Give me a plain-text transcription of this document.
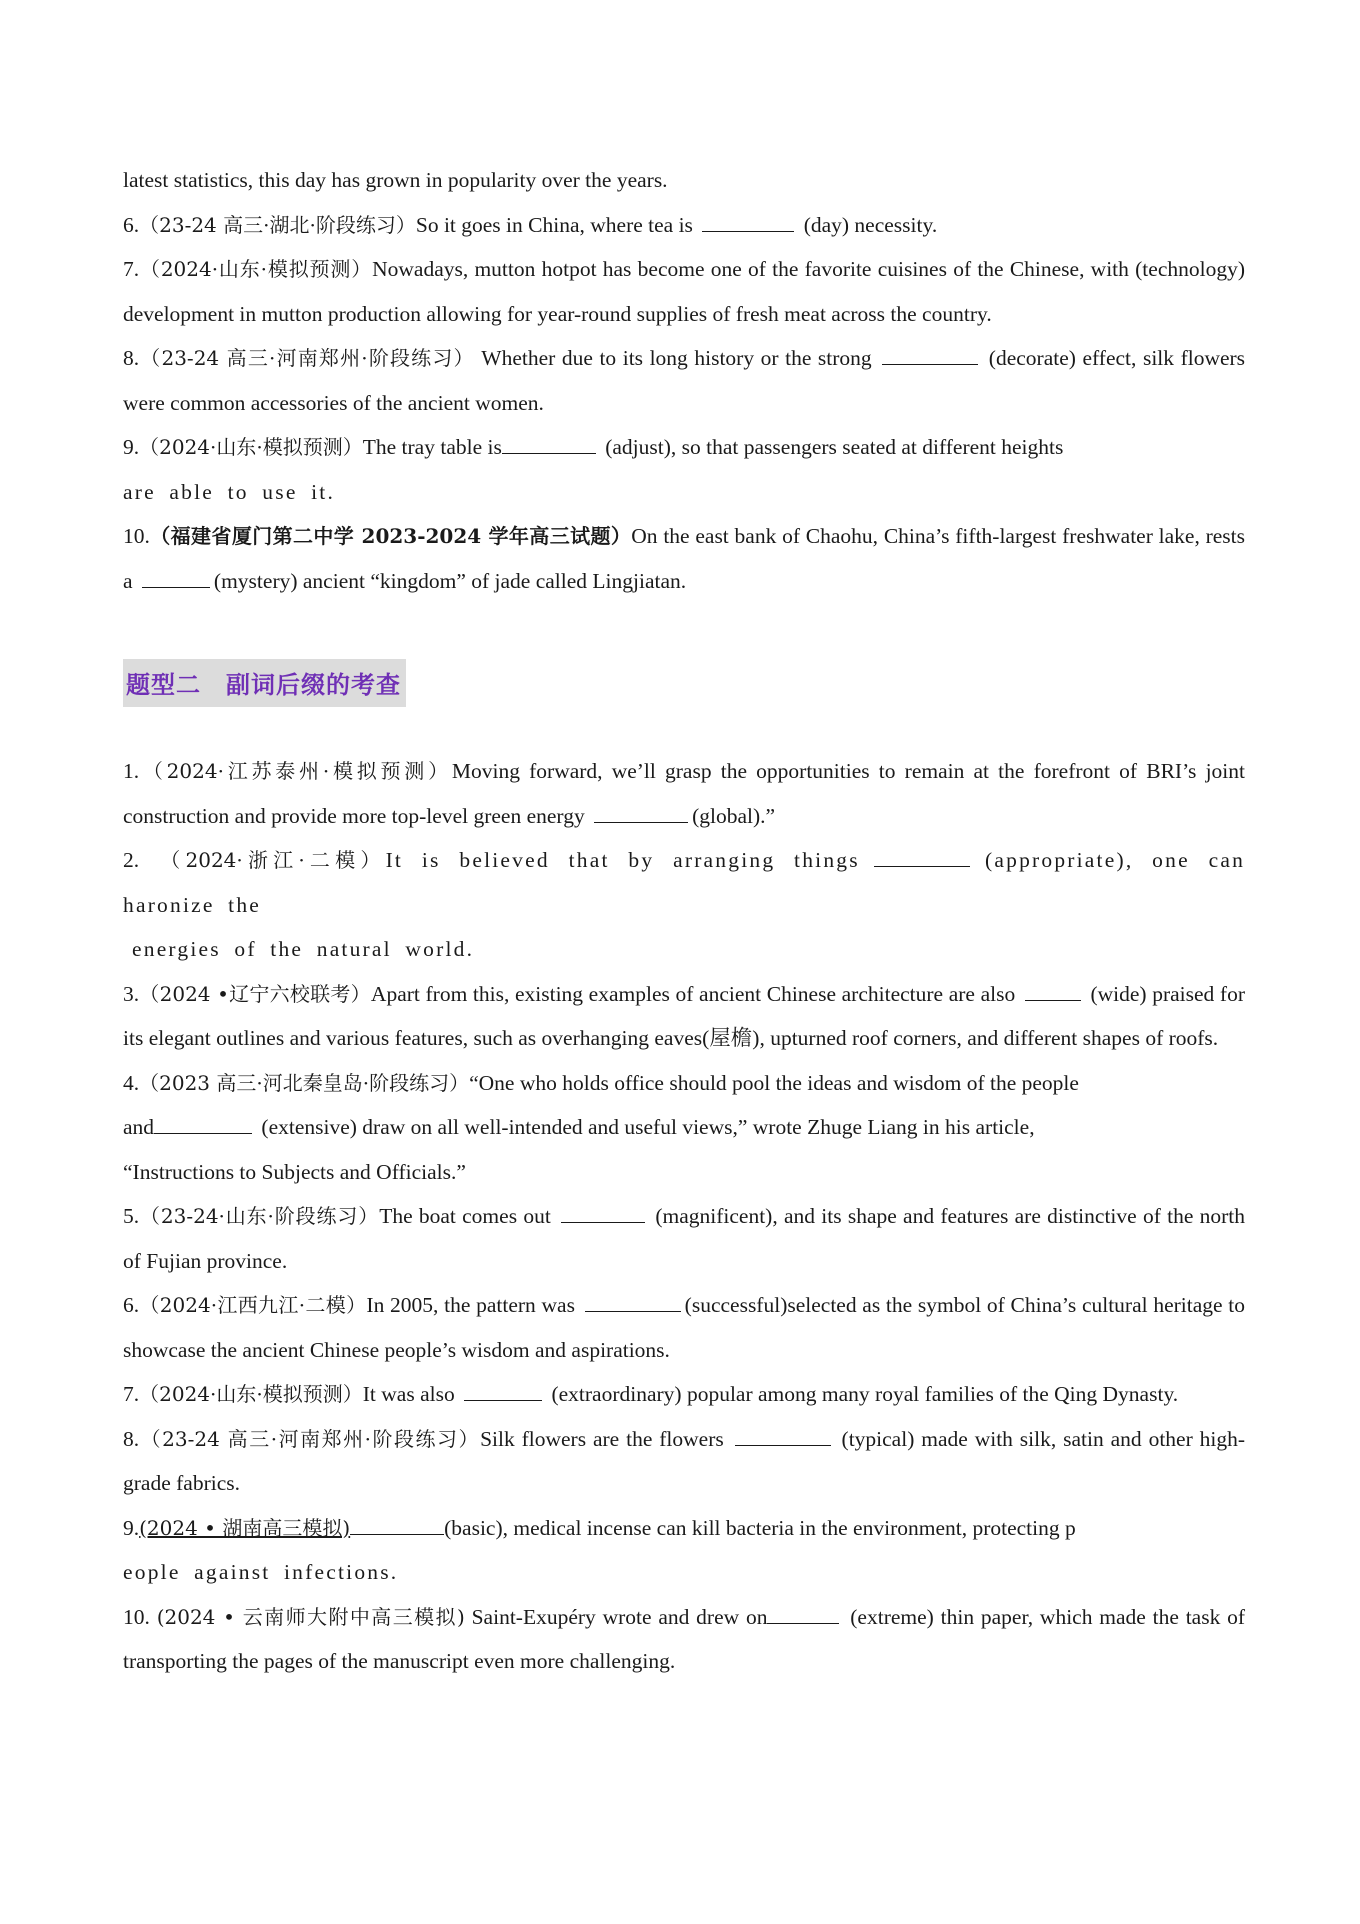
latest statistics, this day has grown in popularity over the years.

6.（23-24 高三·湖北·阶段练习）So it goes in China, where tea is	(day) necessity.

7.（2024·山东·模拟预测）Nowadays, mutton hotpot has become one of the favorite cuisines of the Chinese, with (technology) development in mutton production allowing for year-round supplies of fresh meat across the country.

8.（23-24 高三·河南郑州·阶段练习） Whether due to its long history or the strong	(decorate) effect, silk flowers were common accessories of the ancient women.

9.（2024·山东·模拟预测）The tray table is	(adjust), so that passengers seated at different heights
are able to use it.

10.（福建省厦门第二中学 2023-2024 学年高三试题）On the east bank of Chaohu, China’s fifth-largest freshwater lake, rests a	(mystery) ancient “kingdom” of jade called Lingjiatan.

题型二　副词后缀的考查

1.（2024·江苏泰州·模拟预测）Moving forward, we’ll grasp the opportunities to remain at the forefront of BRI’s joint construction and provide more top-level green energy	(global).”

2. （2024·浙江·二模）It is believed that by arranging things	(appropriate), one can haronize the
energies of the natural world.

3.（2024 •辽宁六校联考）Apart from this, existing examples of ancient Chinese architecture are also	(wide) praised for its elegant outlines and various features, such as overhanging eaves(屋檐), upturned roof corners, and different shapes of roofs.

4.（2023 高三·河北秦皇岛·阶段练习）“One who holds office should pool the ideas and wisdom of the people
and	(extensive) draw on all well-intended and useful views,” wrote Zhuge Liang in his article,
“Instructions to Subjects and Officials.”

5.（23-24·山东·阶段练习）The boat comes out	(magnificent), and its shape and features are distinctive of the north of Fujian province.

6.（2024·江西九江·二模）In 2005, the pattern was	(successful)selected as the symbol of China’s cultural heritage to showcase the ancient Chinese people’s wisdom and aspirations.

7.（2024·山东·模拟预测）It was also	(extraordinary) popular among many royal families of the Qing Dynasty.

8.（23-24 高三·河南郑州·阶段练习）Silk flowers are the flowers	(typical) made with silk, satin and other high-grade fabrics.

9.(2024 • 湖南高三模拟)	(basic), medical incense can kill bacteria in the environment, protecting p
eople against infections.

10. (2024 • 云南师大附中高三模拟) Saint-Exupéry wrote and drew on	(extreme) thin paper, which made the task of transporting the pages of the manuscript even more challenging.
